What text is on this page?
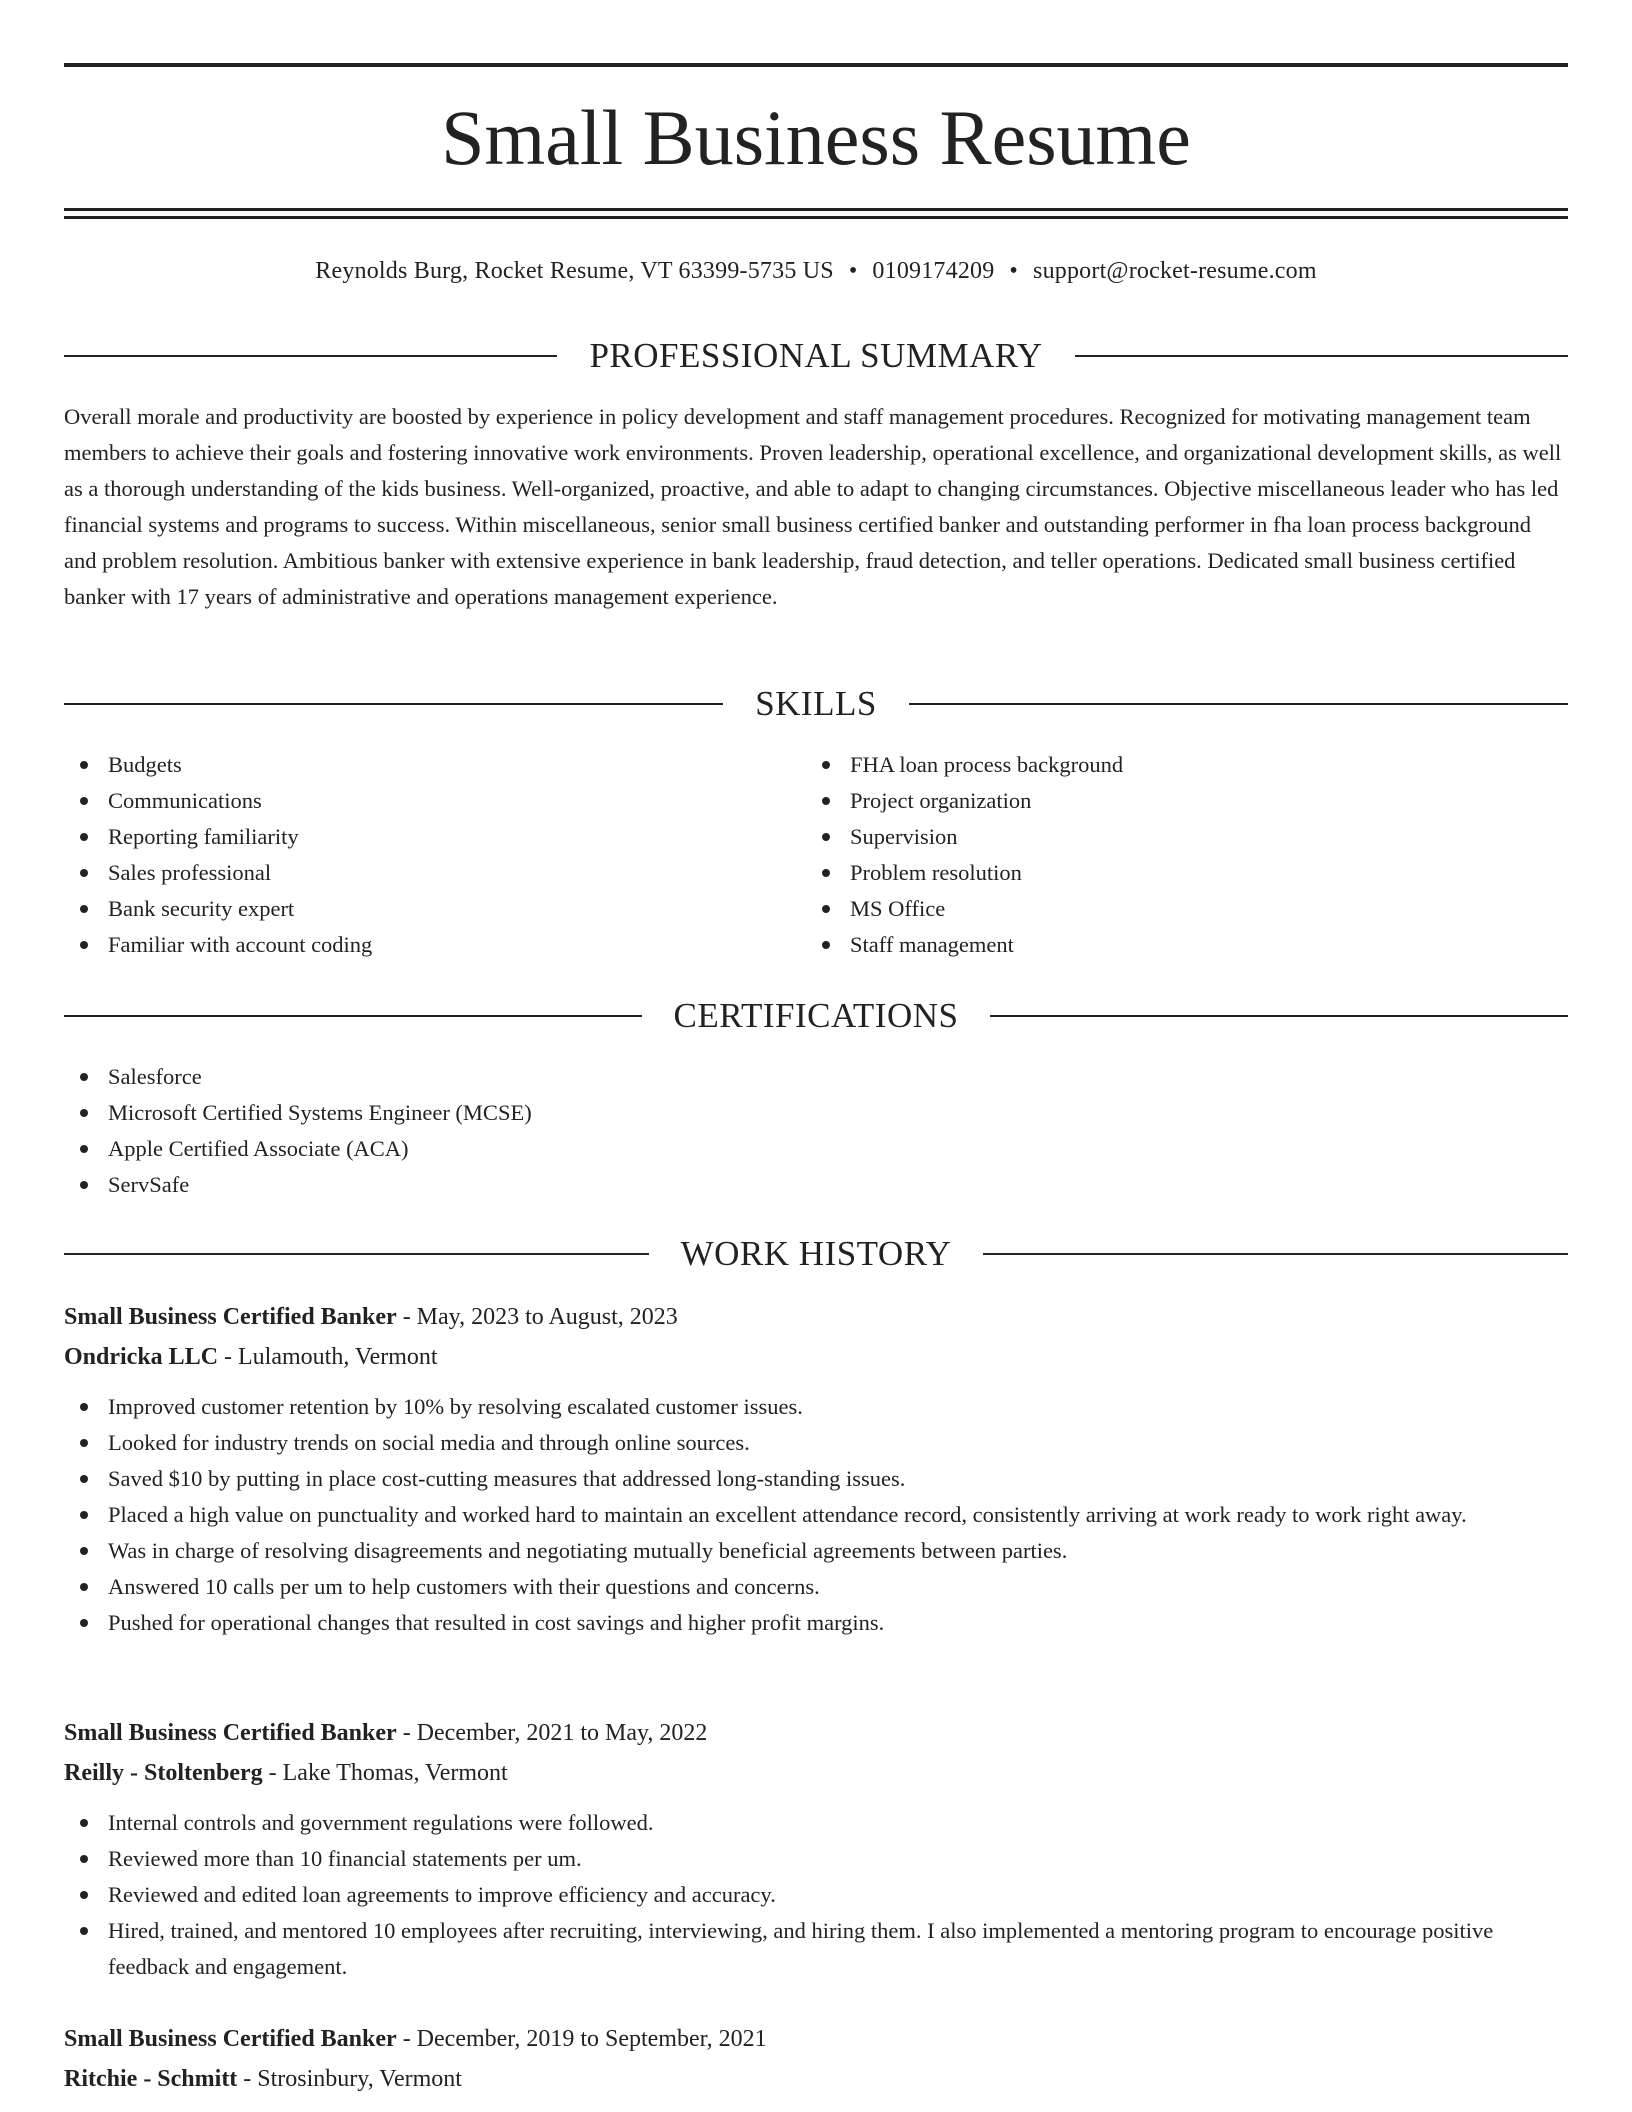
Small Business Resume
Reynolds Burg, Rocket Resume, VT 63399-5735 US • 0109174209 • support@rocket-resume.com
PROFESSIONAL SUMMARY

Overall morale and productivity are boosted by experience in policy development and staff management procedures. Recognized for motivating management team members to achieve their goals and fostering innovative work environments. Proven leadership, operational excellence, and organizational development skills, as well as a thorough understanding of the kids business. Well-organized, proactive, and able to adapt to changing circumstances. Objective miscellaneous leader who has led financial systems and programs to success. Within miscellaneous, senior small business certified banker and outstanding performer in fha loan process background and problem resolution. Ambitious banker with extensive experience in bank leadership, fraud detection, and teller operations. Dedicated small business certified banker with 17 years of administrative and operations management experience.

SKILLS
Budgets
Communications
Reporting familiarity
Sales professional
Bank security expert
Familiar with account coding
FHA loan process background
Project organization
Supervision
Problem resolution
MS Office
Staff management
CERTIFICATIONS
Salesforce
Microsoft Certified Systems Engineer (MCSE)
Apple Certified Associate (ACA)
ServSafe
WORK HISTORY
Small Business Certified Banker - May, 2023 to August, 2023
Ondricka LLC - Lulamouth, Vermont
Improved customer retention by 10% by resolving escalated customer issues.
Looked for industry trends on social media and through online sources.
Saved $10 by putting in place cost-cutting measures that addressed long-standing issues.
Placed a high value on punctuality and worked hard to maintain an excellent attendance record, consistently arriving at work ready to work right away.
Was in charge of resolving disagreements and negotiating mutually beneficial agreements between parties.
Answered 10 calls per um to help customers with their questions and concerns.
Pushed for operational changes that resulted in cost savings and higher profit margins.
Small Business Certified Banker - December, 2021 to May, 2022
Reilly - Stoltenberg - Lake Thomas, Vermont
Internal controls and government regulations were followed.
Reviewed more than 10 financial statements per um.
Reviewed and edited loan agreements to improve efficiency and accuracy.
Hired, trained, and mentored 10 employees after recruiting, interviewing, and hiring them. I also implemented a mentoring program to encourage positive feedback and engagement.
Small Business Certified Banker - December, 2019 to September, 2021
Ritchie - Schmitt - Strosinbury, Vermont
